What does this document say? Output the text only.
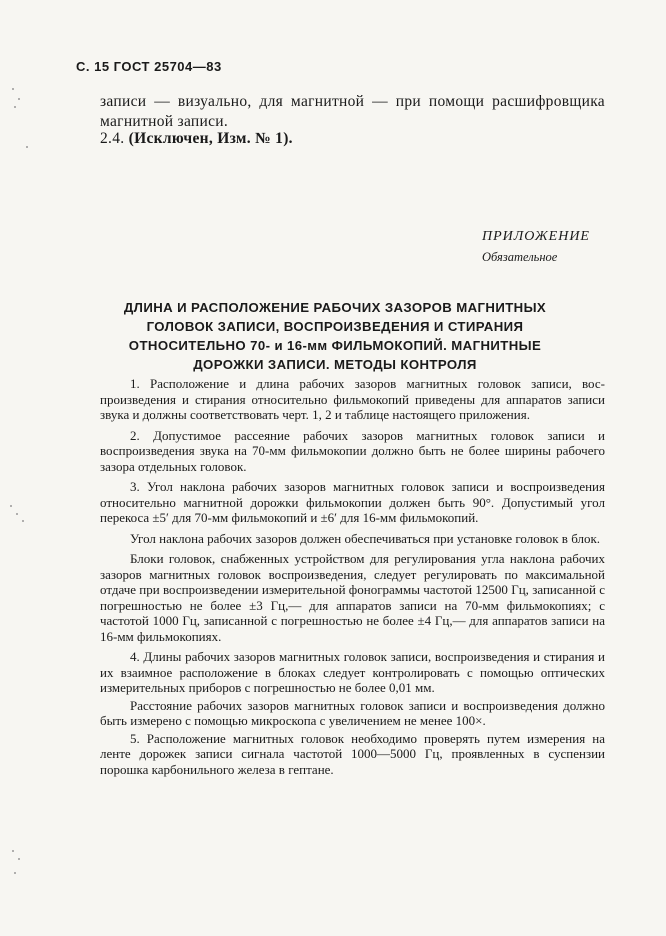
С. 15 ГОСТ 25704—83
записи — визуально, для магнитной — при помощи расшифровщика магнитной записи.
2.4. (Исключен, Изм. № 1).
ПРИЛОЖЕНИЕ
Обязательное
ДЛИНА И РАСПОЛОЖЕНИЕ РАБОЧИХ ЗАЗОРОВ МАГНИТНЫХ ГОЛОВОК ЗАПИСИ, ВОСПРОИЗВЕДЕНИЯ И СТИРАНИЯ ОТНОСИТЕЛЬНО 70- и 16-мм ФИЛЬМОКОПИЙ. МАГНИТНЫЕ ДОРОЖКИ ЗАПИСИ. МЕТОДЫ КОНТРОЛЯ

1. Расположение и длина рабочих зазоров магнитных головок записи, воспроизведения и стирания относительно фильмокопий приведены для аппаратов записи звука и должны соответствовать черт. 1, 2 и таблице настоящего приложения.

2. Допустимое рассеяние рабочих зазоров магнитных головок записи и воспроизведения звука на 70-мм фильмокопии должно быть не более ширины рабочего зазора отдельных головок.

3. Угол наклона рабочих зазоров магнитных головок записи и воспроизведения относительно магнитной дорожки фильмокопии должен быть 90°. Допустимый угол перекоса ±5′ для 70-мм фильмокопий и ±6′ для 16-мм фильмокопий.

Угол наклона рабочих зазоров должен обеспечиваться при установке головок в блок.

Блоки головок, снабженных устройством для регулирования угла наклона рабочих зазоров магнитных головок воспроизведения, следует регулировать по максимальной отдаче при воспроизведении измерительной фонограммы частотой 12500 Гц, записанной с погрешностью не более ±3 Гц,— для аппаратов записи на 70-мм фильмокопиях; с частотой 1000 Гц, записанной с погрешностью не более ±4 Гц,— для аппаратов записи на 16-мм фильмокопиях.

4. Длины рабочих зазоров магнитных головок записи, воспроизведения и стирания и их взаимное расположение в блоках следует контролировать с помощью оптических измерительных приборов с погрешностью не более 0,01 мм.

Расстояние рабочих зазоров магнитных головок записи и воспроизведения должно быть измерено с помощью микроскопа с увеличением не менее 100×.

5. Расположение магнитных головок необходимо проверять путем измерения на ленте дорожек записи сигнала частотой 1000—5000 Гц, проявленных в суспензии порошка карбонильного железа в гептане.
